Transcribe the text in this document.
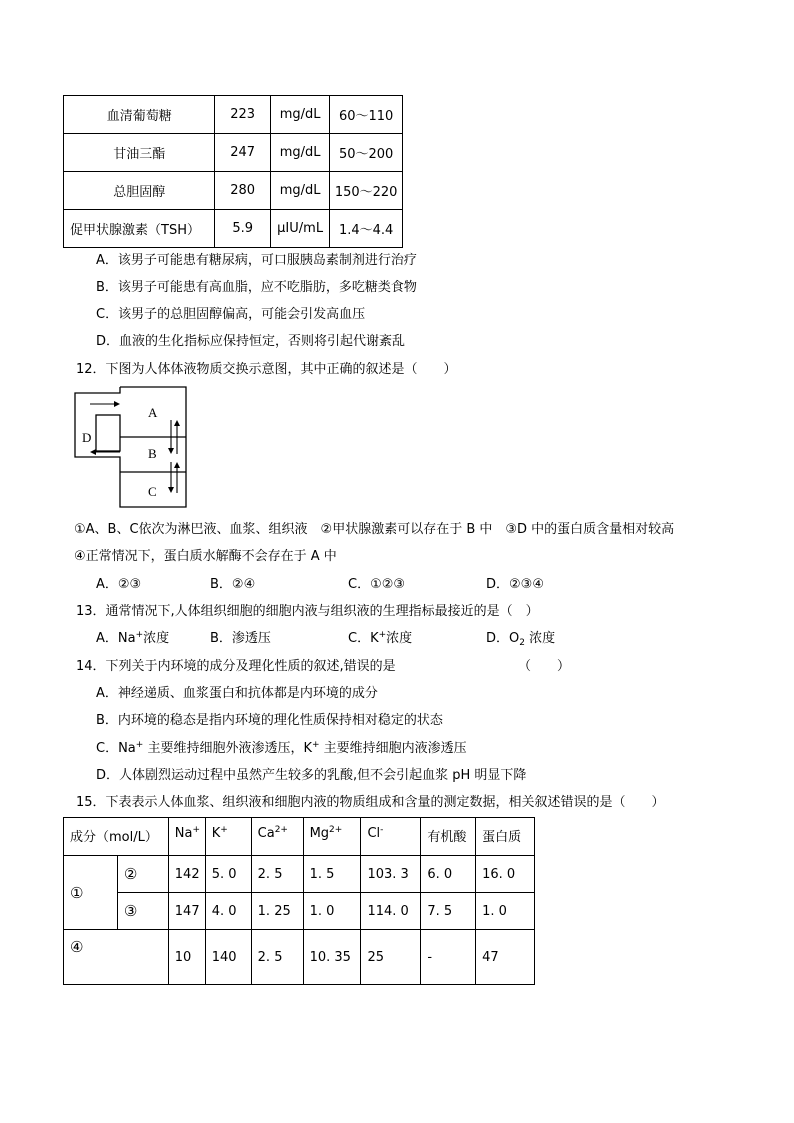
血清葡萄糖	223	mg/dL	60～110
甘油三酯	247	mg/dL	50～200
总胆固醇	280	mg/dL	150～220
促甲状腺激素（TSH）	5.9	μIU/mL	1.4～4.4
A．该男子可能患有糖尿病，可口服胰岛素制剂进行治疗
B．该男子可能患有高血脂，应不吃脂肪，多吃糖类食物
C．该男子的总胆固醇偏高，可能会引发高血压
D．血液的生化指标应保持恒定，否则将引起代谢紊乱
12．下图为人体体液物质交换示意图，其中正确的叙述是（　　）
A
B
C
D
①A、B、C依次为淋巴液、血浆、组织液　②甲状腺激素可以存在于 B 中　③D 中的蛋白质含量相对较高
④正常情况下，蛋白质水解酶不会存在于 A 中
A．②③	B．②④	C．①②③	D．②③④
13．通常情况下,人体组织细胞的细胞内液与组织液的生理指标最接近的是（　）
A．Na+浓度	B．渗透压	C．K+浓度	D．$O_2$ 浓度
14．下列关于内环境的成分及理化性质的叙述,错误的是	（　　）
A．神经递质、血浆蛋白和抗体都是内环境的成分
B．内环境的稳态是指内环境的理化性质保持相对稳定的状态
C．Na+ 主要维持细胞外液渗透压，K+ 主要维持细胞内液渗透压
D．人体剧烈运动过程中虽然产生较多的乳酸,但不会引起血浆 pH 明显下降
15．下表表示人体血浆、组织液和细胞内液的物质组成和含量的测定数据，相关叙述错误的是（　　）
成分（mol/L）		Na+	K+	$Ca^{2+}$	$Mg^{2+}$	Cl-	有机酸	蛋白质
①	②	142	5. 0	2. 5	1. 5	103. 3	6. 0	16. 0
	③	147	4. 0	1. 25	1. 0	114. 0	7. 5	1. 0
④		10	140	2. 5	10. 35	25	-	47
